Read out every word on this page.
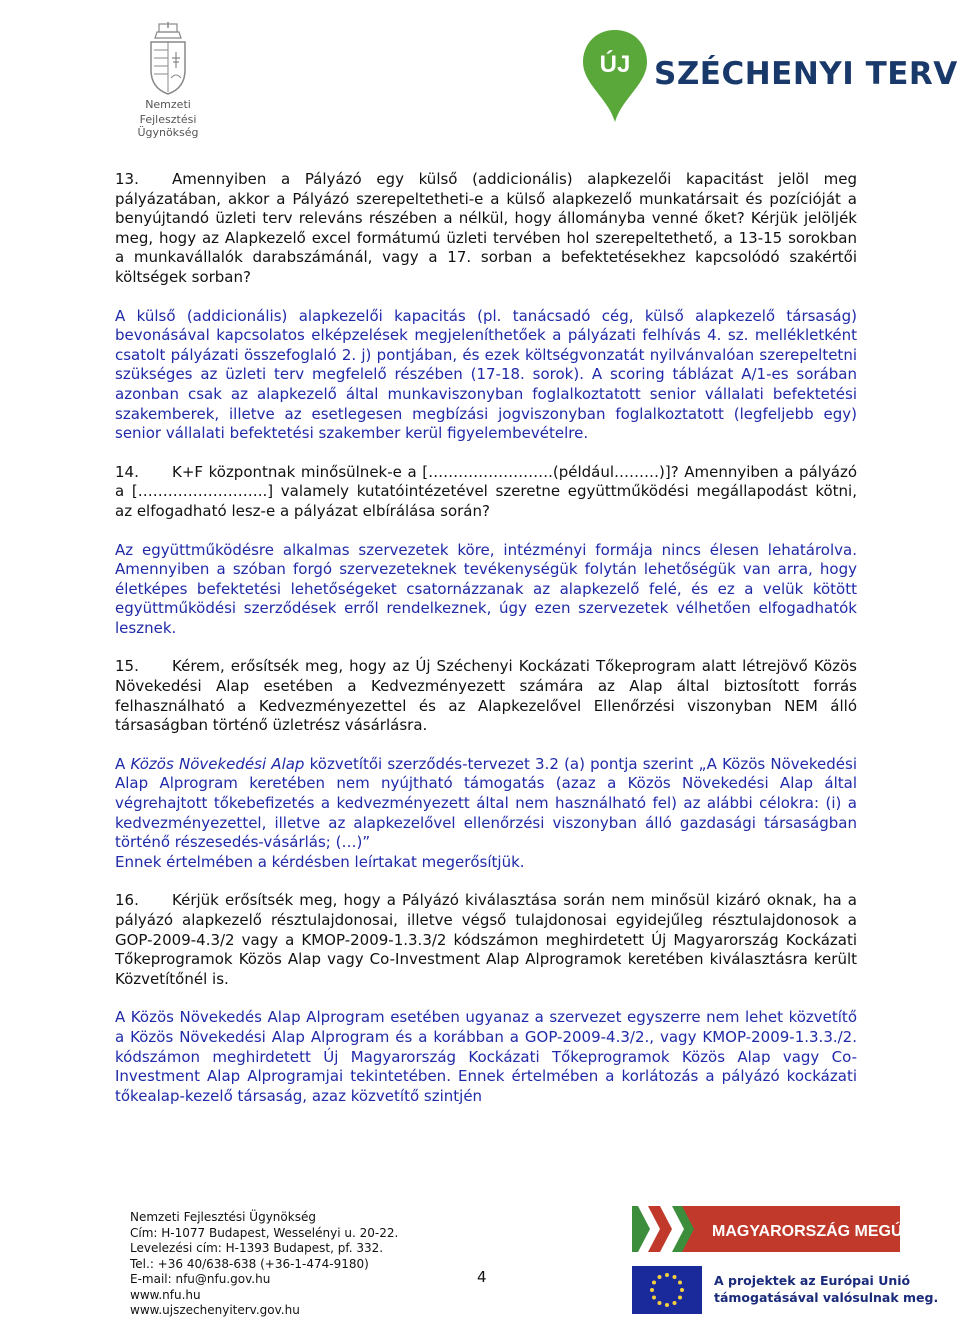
Nemzeti
Fejlesztési Ügynökség
ÚJ SZÉCHENYI TERV

13. Amennyiben a Pályázó egy külső (addicionális) alapkezelői kapacitást jelöl meg pályázatában, akkor a Pályázó szerepeltetheti-e a külső alapkezelő munkatársait és pozícióját a benyújtandó üzleti terv releváns részében a nélkül, hogy állományba venné őket? Kérjük jelöljék meg, hogy az Alapkezelő excel formátumú üzleti tervében hol szerepeltethető, a 13-15 sorokban a munkavállalók darabszámánál, vagy a 17. sorban a befektetésekhez kapcsolódó szakértői költségek sorban?

A külső (addicionális) alapkezelői kapacitás (pl. tanácsadó cég, külső alapkezelő társaság) bevonásával kapcsolatos elképzelések megjeleníthetőek a pályázati felhívás 4. sz. mellékletként csatolt pályázati összefoglaló 2. j) pontjában, és ezek költségvonzatát nyilvánvalóan szerepeltetni szükséges az üzleti terv megfelelő részében (17-18. sorok). A scoring táblázat A/1-es sorában azonban csak az alapkezelő által munkaviszonyban foglalkoztatott senior vállalati befektetési szakemberek, illetve az esetlegesen megbízási jogviszonyban foglalkoztatott (legfeljebb egy) senior vállalati befektetési szakember kerül figyelembevételre.

14. K+F központnak minősülnek-e a […………………….(például………)]? Amennyiben a pályázó a [……………………..] valamely kutatóintézetével szeretne együttműködési megállapodást kötni, az elfogadható lesz-e a pályázat elbírálása során?

Az együttműködésre alkalmas szervezetek köre, intézményi formája nincs élesen lehatárolva. Amennyiben a szóban forgó szervezeteknek tevékenységük folytán lehetőségük van arra, hogy életképes befektetési lehetőségeket csatornázzanak az alapkezelő felé, és ez a velük kötött együttműködési szerződések erről rendelkeznek, úgy ezen szervezetek vélhetően elfogadhatók lesznek.

15. Kérem, erősítsék meg, hogy az Új Széchenyi Kockázati Tőkeprogram alatt létrejövő Közös Növekedési Alap esetében a Kedvezményezett számára az Alap által biztosított forrás felhasználható a Kedvezményezettel és az Alapkezelővel Ellenőrzési viszonyban NEM álló társaságban történő üzletrész vásárlásra.

A Közös Növekedési Alap közvetítői szerződés-tervezet 3.2 (a) pontja szerint „A Közös Növekedési Alap Alprogram keretében nem nyújtható támogatás (azaz a Közös Növekedési Alap által végrehajtott tőkebefizetés a kedvezményezett által nem használható fel) az alábbi célokra: (i) a kedvezményezettel, illetve az alapkezelővel ellenőrzési viszonyban álló gazdasági társaságban történő részesedés-vásárlás; (…)”
Ennek értelmében a kérdésben leírtakat megerősítjük.

16. Kérjük erősítsék meg, hogy a Pályázó kiválasztása során nem minősül kizáró oknak, ha a pályázó alapkezelő résztulajdonosai, illetve végső tulajdonosai egyidejűleg résztulajdonosok a GOP-2009-4.3/2 vagy a KMOP-2009-1.3.3/2 kódszámon meghirdetett Új Magyarország Kockázati Tőkeprogramok Közös Alap vagy Co-Investment Alap Alprogramok keretében kiválasztásra került Közvetítőnél is.

A Közös Növekedés Alap Alprogram esetében ugyanaz a szervezet egyszerre nem lehet közvetítő a Közös Növekedési Alap Alprogram és a korábban a GOP-2009-4.3/2., vagy KMOP-2009-1.3.3./2. kódszámon meghirdetett Új Magyarország Kockázati Tőkeprogramok Közös Alap vagy Co-Investment Alap Alprogramjai tekintetében. Ennek értelmében a korlátozás a pályázó kockázati tőkealap-kezelő társaság, azaz közvetítő szintjén

Nemzeti Fejlesztési Ügynökség
Cím: H-1077 Budapest, Wesselényi u. 20-22.
Levelezési cím: H-1393 Budapest, pf. 332.
Tel.: +36 40/638-638 (+36-1-474-9180)
E-mail: nfu@nfu.gov.hu
www.nfu.hu
www.ujszechenyiterv.gov.hu
4
MAGYARORSZÁG MEGÚJUL
A projektek az Európai Unió
támogatásával valósulnak meg.
